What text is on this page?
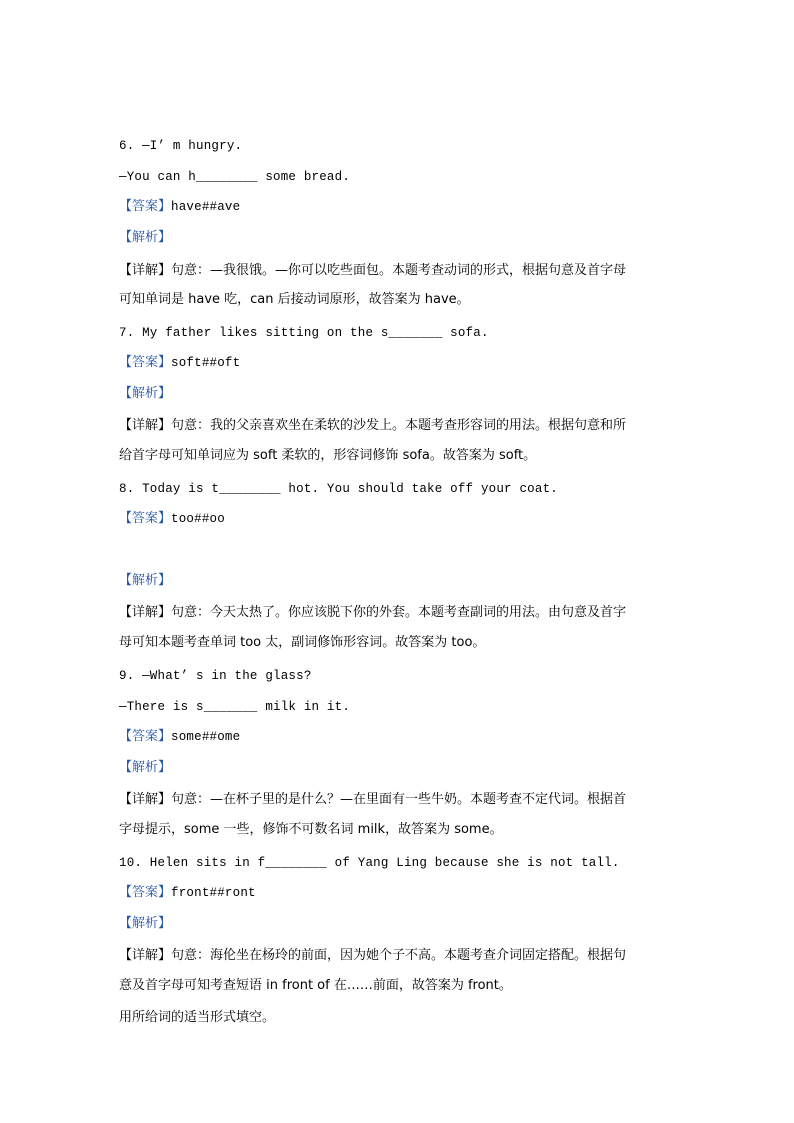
6. —I’ m hungry.
—You can h________ some bread.
【答案】have##ave
【解析】
【详解】句意：—我很饿。—你可以吃些面包。本题考查动词的形式，根据句意及首字母
可知单词是 have 吃，can 后接动词原形，故答案为 have。
7. My father likes sitting on the s_______ sofa.
【答案】soft##oft
【解析】
【详解】句意：我的父亲喜欢坐在柔软的沙发上。本题考查形容词的用法。根据句意和所
给首字母可知单词应为 soft 柔软的，形容词修饰 sofa。故答案为 soft。
8. Today is t________ hot. You should take off your coat.
【答案】too##oo
【解析】
【详解】句意：今天太热了。你应该脱下你的外套。本题考查副词的用法。由句意及首字
母可知本题考查单词 too 太，副词修饰形容词。故答案为 too。
9. —What’ s in the glass?
—There is s_______ milk in it.
【答案】some##ome
【解析】
【详解】句意：—在杯子里的是什么？—在里面有一些牛奶。本题考查不定代词。根据首
字母提示，some 一些，修饰不可数名词 milk，故答案为 some。
10. Helen sits in f________ of Yang Ling because she is not tall.
【答案】front##ront
【解析】
【详解】句意：海伦坐在杨玲的前面，因为她个子不高。本题考查介词固定搭配。根据句
意及首字母可知考查短语 in front of 在……前面，故答案为 front。
用所给词的适当形式填空。
